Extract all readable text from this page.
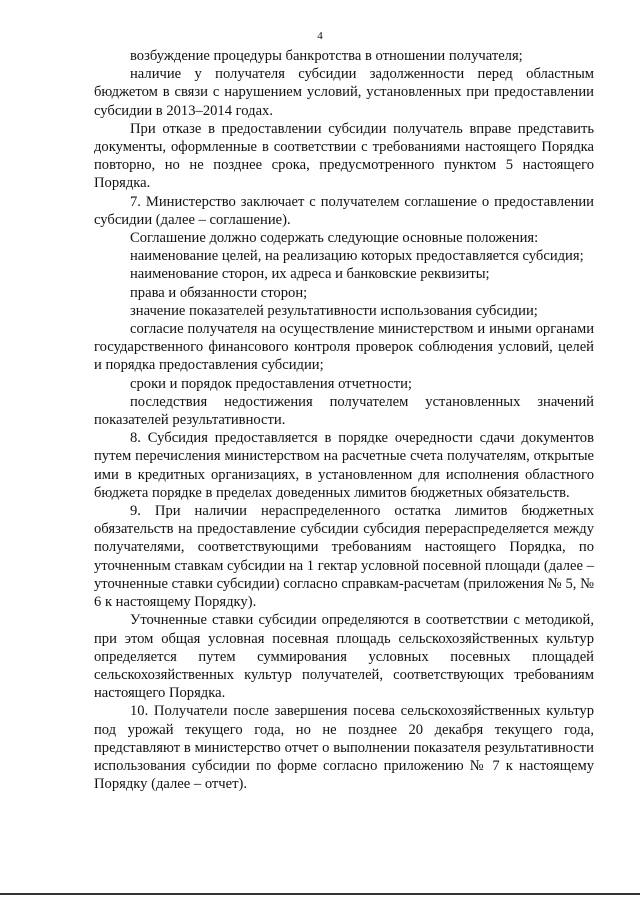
4

возбуждение процедуры банкротства в отношении получателя;

наличие у получателя субсидии задолженности перед областным бюджетом в связи с нарушением условий, установленных при предоставлении субсидии в 2013–2014 годах.

При отказе в предоставлении субсидии получатель вправе представить документы, оформленные в соответствии с требованиями настоящего Порядка повторно, но не позднее срока, предусмотренного пунктом 5 настоящего Порядка.

7. Министерство заключает с получателем соглашение о предоставлении субсидии (далее – соглашение).

Соглашение должно содержать следующие основные положения:

наименование целей, на реализацию которых предоставляется субсидия;

наименование сторон, их адреса и банковские реквизиты;

права и обязанности сторон;

значение показателей результативности использования субсидии;

согласие получателя на осуществление министерством и иными органами государственного финансового контроля проверок соблюдения условий, целей и порядка предоставления субсидии;

сроки и порядок предоставления отчетности;

последствия недостижения получателем установленных значений показателей результативности.

8. Субсидия предоставляется в порядке очередности сдачи документов путем перечисления министерством на расчетные счета получателям, открытые ими в кредитных организациях, в установленном для исполнения областного бюджета порядке в пределах доведенных лимитов бюджетных обязательств.

9. При наличии нераспределенного остатка лимитов бюджетных обязательств на предоставление субсидии субсидия перераспределяется между получателями, соответствующими требованиям настоящего Порядка, по уточненным ставкам субсидии на 1 гектар условной посевной площади (далее – уточненные ставки субсидии) согласно справкам-расчетам (приложения № 5, № 6 к настоящему Порядку).

Уточненные ставки субсидии определяются в соответствии с методикой, при этом общая условная посевная площадь сельскохозяйственных культур определяется путем суммирования условных посевных площадей сельскохозяйственных культур получателей, соответствующих требованиям настоящего Порядка.

10. Получатели после завершения посева сельскохозяйственных культур под урожай текущего года, но не позднее 20 декабря текущего года, представляют в министерство отчет о выполнении показателя результативности использования субсидии по форме согласно приложению № 7 к настоящему Порядку (далее – отчет).
